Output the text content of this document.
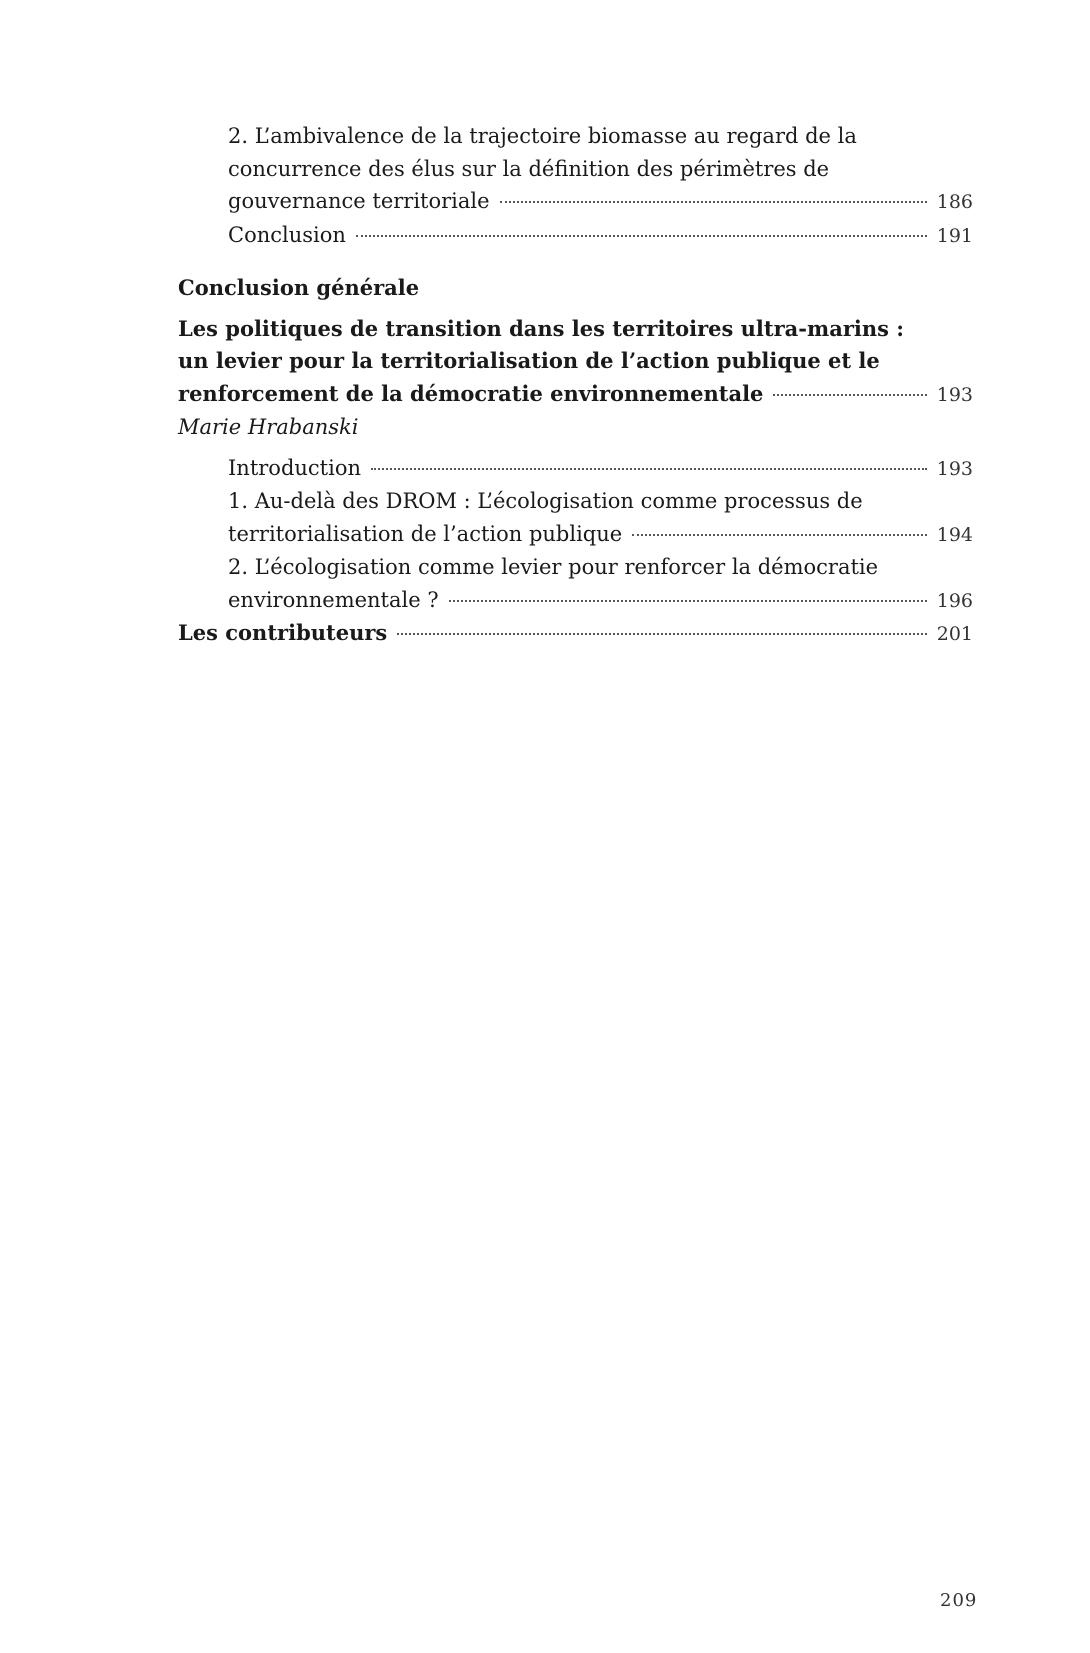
2. L’ambivalence de la trajectoire biomasse au regard de la
concurrence des élus sur la définition des périmètres de
gouvernance territoriale	186
Conclusion	191
Conclusion générale
Les politiques de transition dans les territoires ultra-marins :
un levier pour la territorialisation de l’action publique et le
renforcement de la démocratie environnementale	193
Marie Hrabanski
Introduction	193
1. Au-delà des DROM : L’écologisation comme processus de
territorialisation de l’action publique	194
2. L’écologisation comme levier pour renforcer la démocratie
environnementale ?	196
Les contributeurs	201
209
